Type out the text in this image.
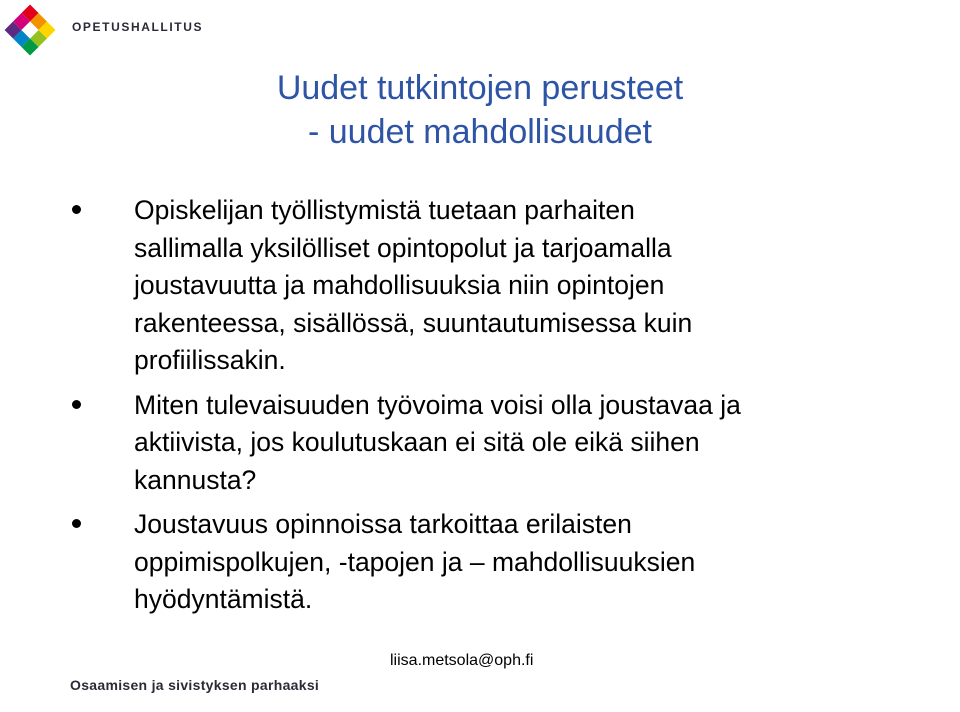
OPETUSHALLITUS
Uudet tutkintojen perusteet
- uudet mahdollisuudet
Opiskelijan työllistymistä tuetaan parhaiten
sallimalla yksilölliset opintopolut ja tarjoamalla
joustavuutta ja mahdollisuuksia niin opintojen
rakenteessa, sisällössä, suuntautumisessa kuin
profiilissakin.
Miten tulevaisuuden työvoima voisi olla joustavaa ja
aktiivista, jos koulutuskaan ei sitä ole eikä siihen
kannusta?
Joustavuus opinnoissa tarkoittaa erilaisten
oppimispolkujen, -tapojen ja – mahdollisuuksien
hyödyntämistä.
liisa.metsola@oph.fi
Osaamisen ja sivistyksen parhaaksi
